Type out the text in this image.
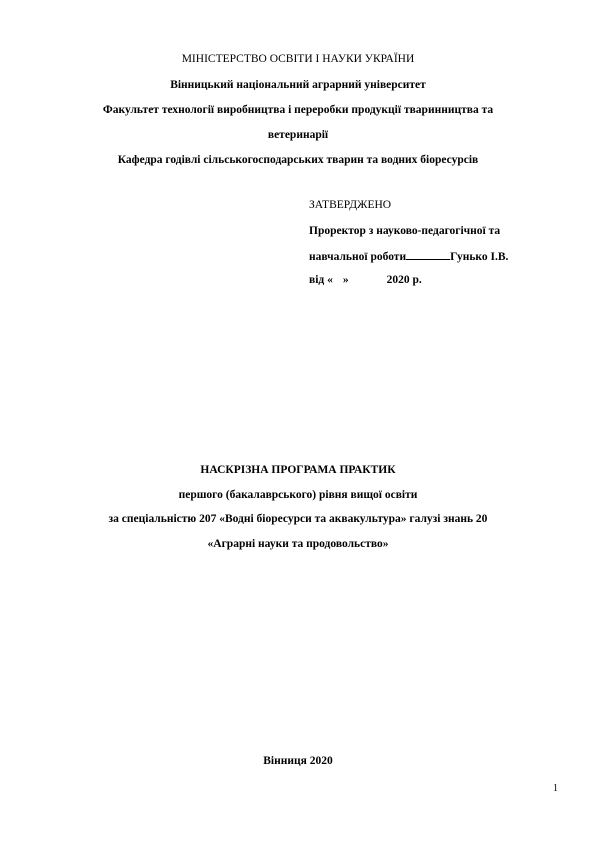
МІНІСТЕРСТВО ОСВІТИ І НАУКИ УКРАЇНИ
Вінницький національний аграрний університет
Факультет технології виробництва і переробки продукції тваринництва та
ветеринарії
Кафедра годівлі сільськогосподарських тварин та водних біоресурсів
ЗАТВЕРДЖЕНО
Проректор з науково-педагогічної та
навчальної роботи	Гунько І.В.
від « »	2020 р.
НАСКРІЗНА ПРОГРАМА ПРАКТИК
першого (бакалаврського) рівня вищої освіти
за спеціальністю 207 «Водні біоресурси та аквакультура» галузі знань 20
«Аграрні науки та продовольство»
Вінниця 2020
1
